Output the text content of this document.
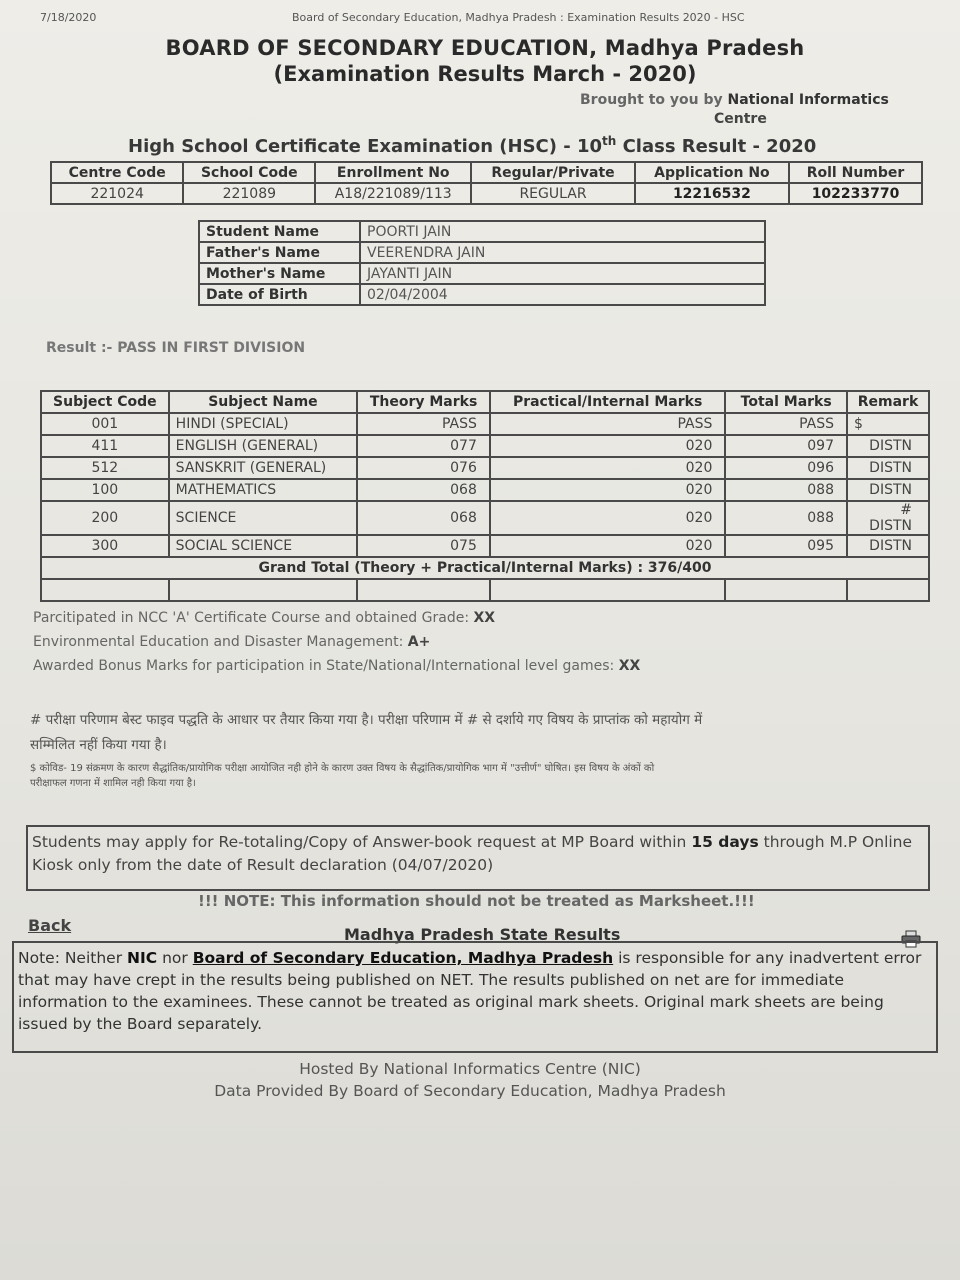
7/18/2020	Board of Secondary Education, Madhya Pradesh : Examination Results 2020 - HSC
BOARD OF SECONDARY EDUCATION, Madhya Pradesh
(Examination Results March - 2020)
Brought to you by National Informatics
Centre
High School Certificate Examination (HSC) - 10th Class Result - 2020
Centre Code	School Code	Enrollment No	Regular/Private	Application No	Roll Number
221024	221089	A18/221089/113	REGULAR	12216532	102233770
Student Name	POORTI JAIN
Father's Name	VEERENDRA JAIN
Mother's Name	JAYANTI JAIN
Date of Birth	02/04/2004
Result :- PASS IN FIRST DIVISION
Subject Code	Subject Name	Theory Marks	Practical/Internal Marks	Total Marks	Remark
001	HINDI (SPECIAL)	PASS	PASS	PASS	$
411	ENGLISH (GENERAL)	077	020	097	DISTN
512	SANSKRIT (GENERAL)	076	020	096	DISTN
100	MATHEMATICS	068	020	088	DISTN
200	SCIENCE	068	020	088	# DISTN
300	SOCIAL SCIENCE	075	020	095	DISTN
Grand Total (Theory + Practical/Internal Marks) : 376/400					

Parcitipated in NCC 'A' Certificate Course and obtained Grade: XX
Environmental Education and Disaster Management: A+
Awarded Bonus Marks for participation in State/National/International level games: XX
# परीक्षा परिणाम बेस्ट फाइव पद्धति के आधार पर तैयार किया गया है। परीक्षा परिणाम में # से दर्शाये गए विषय के प्राप्तांक को महायोग में
सम्मिलित नहीं किया गया है।
$ कोविड- 19 संक्रमण के कारण सैद्धांतिक/प्रायोगिक परीक्षा आयोजित नही होने के कारण उक्त विषय के सैद्धांतिक/प्रायोगिक भाग में "उत्तीर्ण" घोषित। इस विषय के अंकों को
परीक्षाफल गणना में शामिल नही किया गया है।
Students may apply for Re-totaling/Copy of Answer-book request at MP Board within 15 days through M.P Online
Kiosk only from the date of Result declaration (04/07/2020)
!!! NOTE: This information should not be treated as Marksheet.!!!
Back	Madhya Pradesh State Results
Note: Neither NIC nor Board of Secondary Education, Madhya Pradesh is responsible for any inadvertent error that may have crept in the results being published on NET. The results published on net are for immediate information to the examinees. These cannot be treated as original mark sheets. Original mark sheets are being issued by the Board separately.
Hosted By National Informatics Centre (NIC)
Data Provided By Board of Secondary Education, Madhya Pradesh
